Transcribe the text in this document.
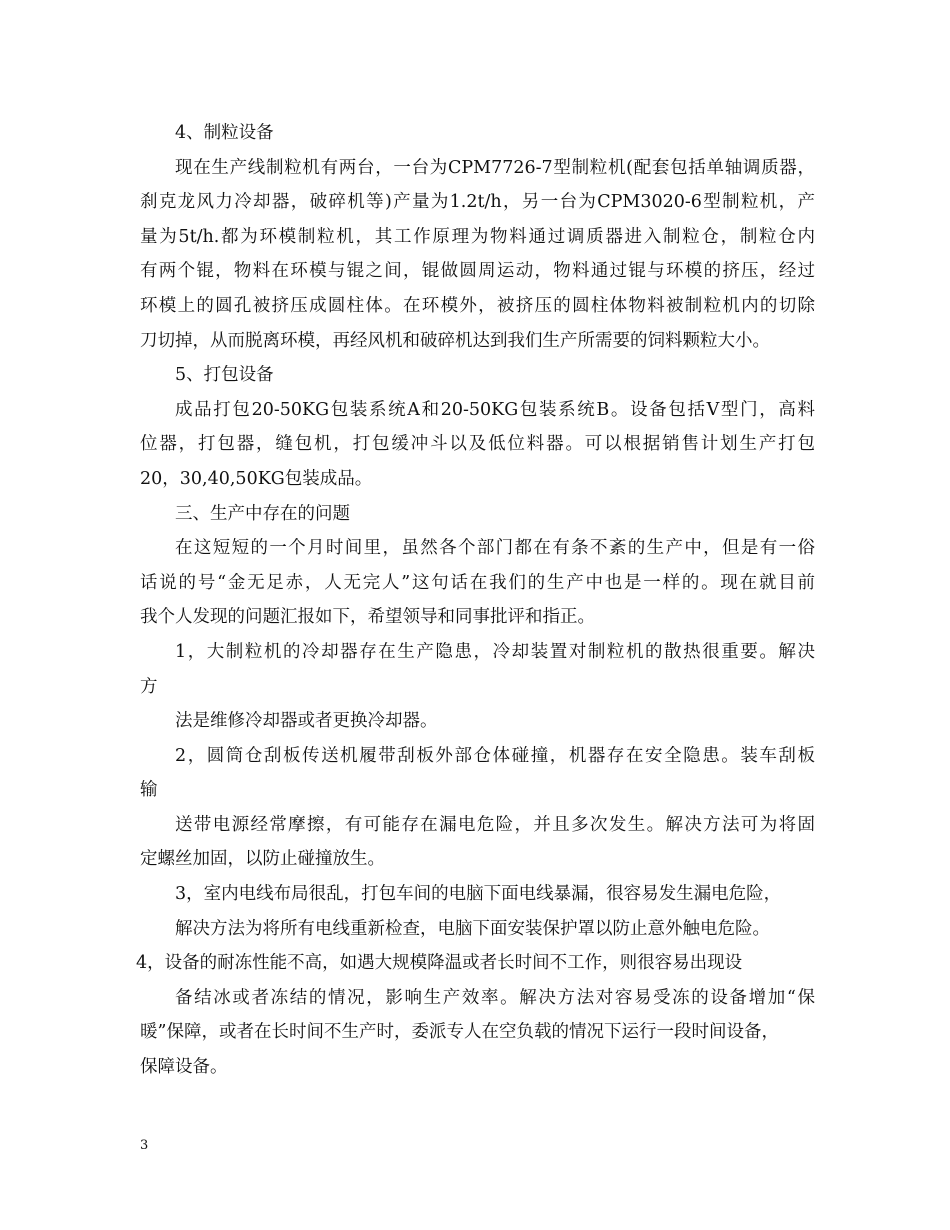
4、制粒设备
现在生产线制粒机有两台，一台为CPM7726-7型制粒机(配套包括单轴调质器，
刹克龙风力冷却器，破碎机等)产量为1.2t/h，另一台为CPM3020-6型制粒机，产
量为5t/h.都为环模制粒机，其工作原理为物料通过调质器进入制粒仓，制粒仓内
有两个锟，物料在环模与锟之间，锟做圆周运动，物料通过锟与环模的挤压，经过
环模上的圆孔被挤压成圆柱体。在环模外，被挤压的圆柱体物料被制粒机内的切除
刀切掉，从而脱离环模，再经风机和破碎机达到我们生产所需要的饲料颗粒大小。
5、打包设备
成品打包20-50KG包装系统A和20-50KG包装系统B。设备包括V型门，高料
位器，打包器，缝包机，打包缓冲斗以及低位料器。可以根据销售计划生产打包
20，30,40,50KG包装成品。
三、生产中存在的问题
在这短短的一个月时间里，虽然各个部门都在有条不紊的生产中，但是有一俗
话说的号“金无足赤，人无完人”这句话在我们的生产中也是一样的。现在就目前
我个人发现的问题汇报如下，希望领导和同事批评和指正。
1，大制粒机的冷却器存在生产隐患，冷却装置对制粒机的散热很重要。解决
方
法是维修冷却器或者更换冷却器。
2，圆筒仓刮板传送机履带刮板外部仓体碰撞，机器存在安全隐患。装车刮板
输
送带电源经常摩擦，有可能存在漏电危险，并且多次发生。解决方法可为将固
定螺丝加固，以防止碰撞放生。
3，室内电线布局很乱，打包车间的电脑下面电线暴漏，很容易发生漏电危险，
解决方法为将所有电线重新检查，电脑下面安装保护罩以防止意外触电危险。
4，设备的耐冻性能不高，如遇大规模降温或者长时间不工作，则很容易出现设
备结冰或者冻结的情况，影响生产效率。解决方法对容易受冻的设备增加“保
暖”保障，或者在长时间不生产时，委派专人在空负载的情况下运行一段时间设备，
保障设备。
3
